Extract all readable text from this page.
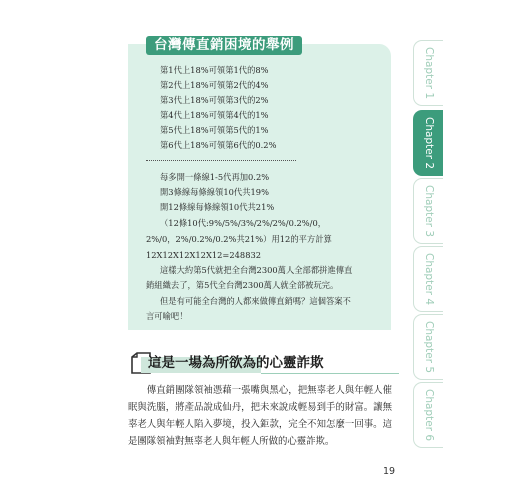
台灣傳直銷困境的舉例
第1代上18%可領第1代的8%
第2代上18%可領第2代的4%
第3代上18%可領第3代的2%
第4代上18%可領第4代的1%
第5代上18%可領第5代的1%
第6代上18%可領第6代的0.2%
每多開一條線1-5代再加0.2%
開3條線每條線領10代共19%
開12條線每條線領10代共21%
（12條10代:9%/5%/3%/2%/2%/0.2%/0，
2%/0，2%/0.2%/0.2%共21%）用12的平方計算
12X12X12X12X12=248832
這樣大約第5代就把全台灣2300萬人全部都拼進傳直
銷組織去了，第5代全台灣2300萬人就全部被玩完。
但是有可能全台灣的人都來做傳直銷嗎？這個答案不
言可喻吧！
這是一場為所欲為的心靈詐欺
傳直銷團隊領袖憑藉一張嘴與黑心，把無辜老人與年輕人催眠與洗腦，將產品說成仙丹，把未來說成輕易到手的財富。讓無辜老人與年輕人陷入夢境，投入鉅款，完全不知怎麼一回事。這是團隊領袖對無辜老人與年輕人所做的心靈詐欺。
19
Chapter 1
Chapter 2
Chapter 3
Chapter 4
Chapter 5
Chapter 6
